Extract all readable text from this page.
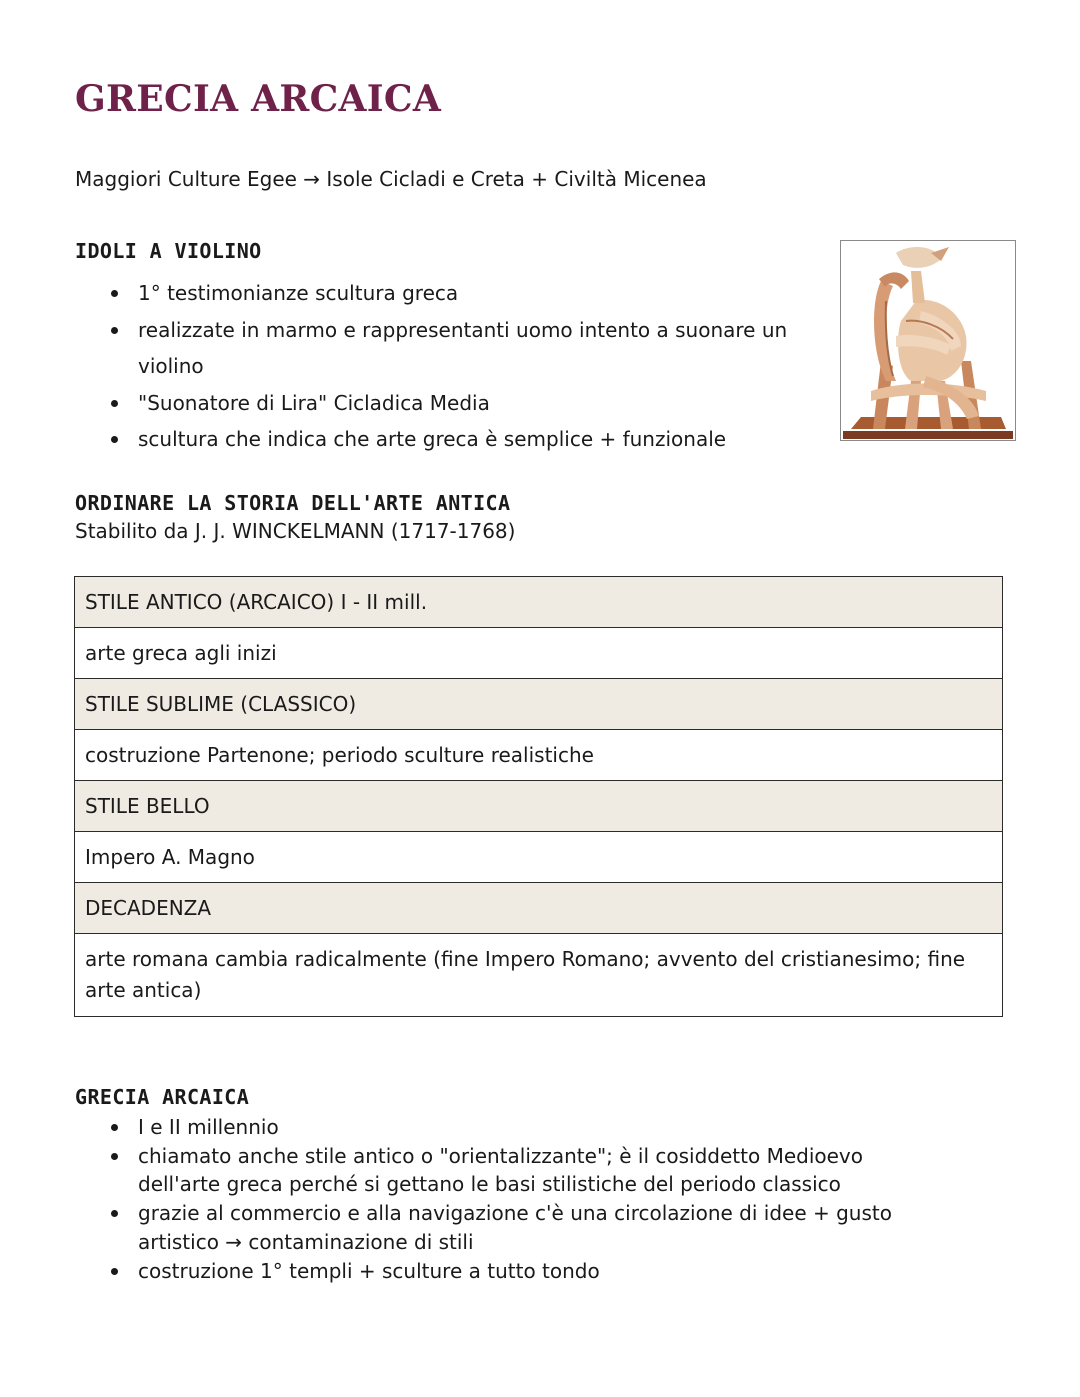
GRECIA ARCAICA
Maggiori Culture Egee → Isole Cicladi e Creta + Civiltà Micenea
IDOLI A VIOLINO
1° testimonianze scultura greca
realizzate in marmo e rappresentanti uomo intento a suonare un violino
"Suonatore di Lira" Cicladica Media
scultura che indica che arte greca è semplice + funzionale
ORDINARE LA STORIA DELL'ARTE ANTICA
Stabilito da J. J. WINCKELMANN (1717-1768)
STILE ANTICO (ARCAICO) I - II mill.
arte greca agli inizi
STILE SUBLIME (CLASSICO)
costruzione Partenone; periodo sculture realistiche
STILE BELLO
Impero A. Magno
DECADENZA
arte romana cambia radicalmente (fine Impero Romano; avvento del cristianesimo; fine arte antica)
GRECIA ARCAICA
I e II millennio
chiamato anche stile antico o "orientalizzante"; è il cosiddetto Medioevo dell'arte greca perché si gettano le basi stilistiche del periodo classico
grazie al commercio e alla navigazione c'è una circolazione di idee + gusto artistico → contaminazione di stili
costruzione 1° templi + sculture a tutto tondo
